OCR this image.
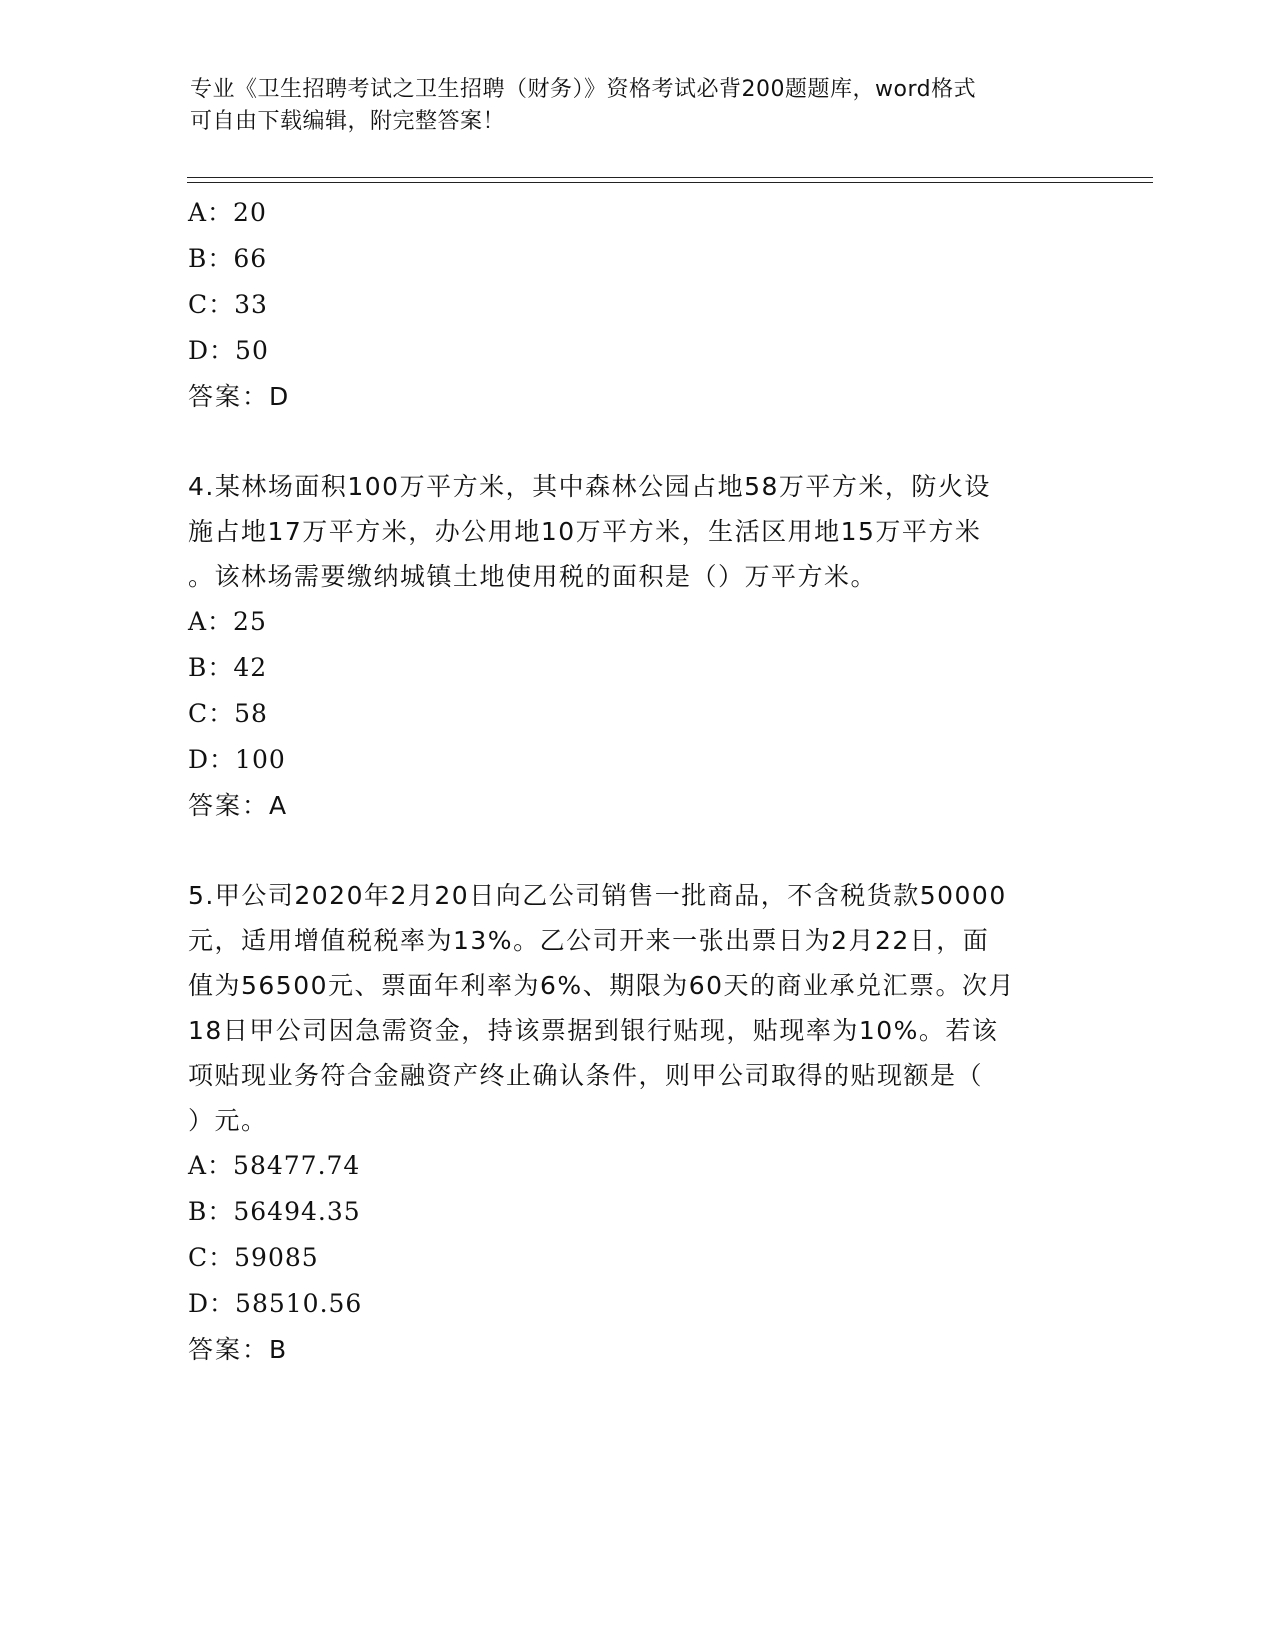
专业《卫生招聘考试之卫生招聘（财务）》资格考试必背200题题库，word格式
可自由下载编辑，附完整答案！
A：20
B：66
C：33
D：50
答案：D
4.某林场面积100万平方米，其中森林公园占地58万平方米，防火设
施占地17万平方米，办公用地10万平方米，生活区用地15万平方米
。该林场需要缴纳城镇土地使用税的面积是（）万平方米。
A：25
B：42
C：58
D：100
答案：A
5.甲公司2020年2月20日向乙公司销售一批商品，不含税货款50000
元，适用增值税税率为13%。乙公司开来一张出票日为2月22日，面
值为56500元、票面年利率为6%、期限为60天的商业承兑汇票。次月
18日甲公司因急需资金，持该票据到银行贴现，贴现率为10%。若该
项贴现业务符合金融资产终止确认条件，则甲公司取得的贴现额是（
）元。
A：58477.74
B：56494.35
C：59085
D：58510.56
答案：B
